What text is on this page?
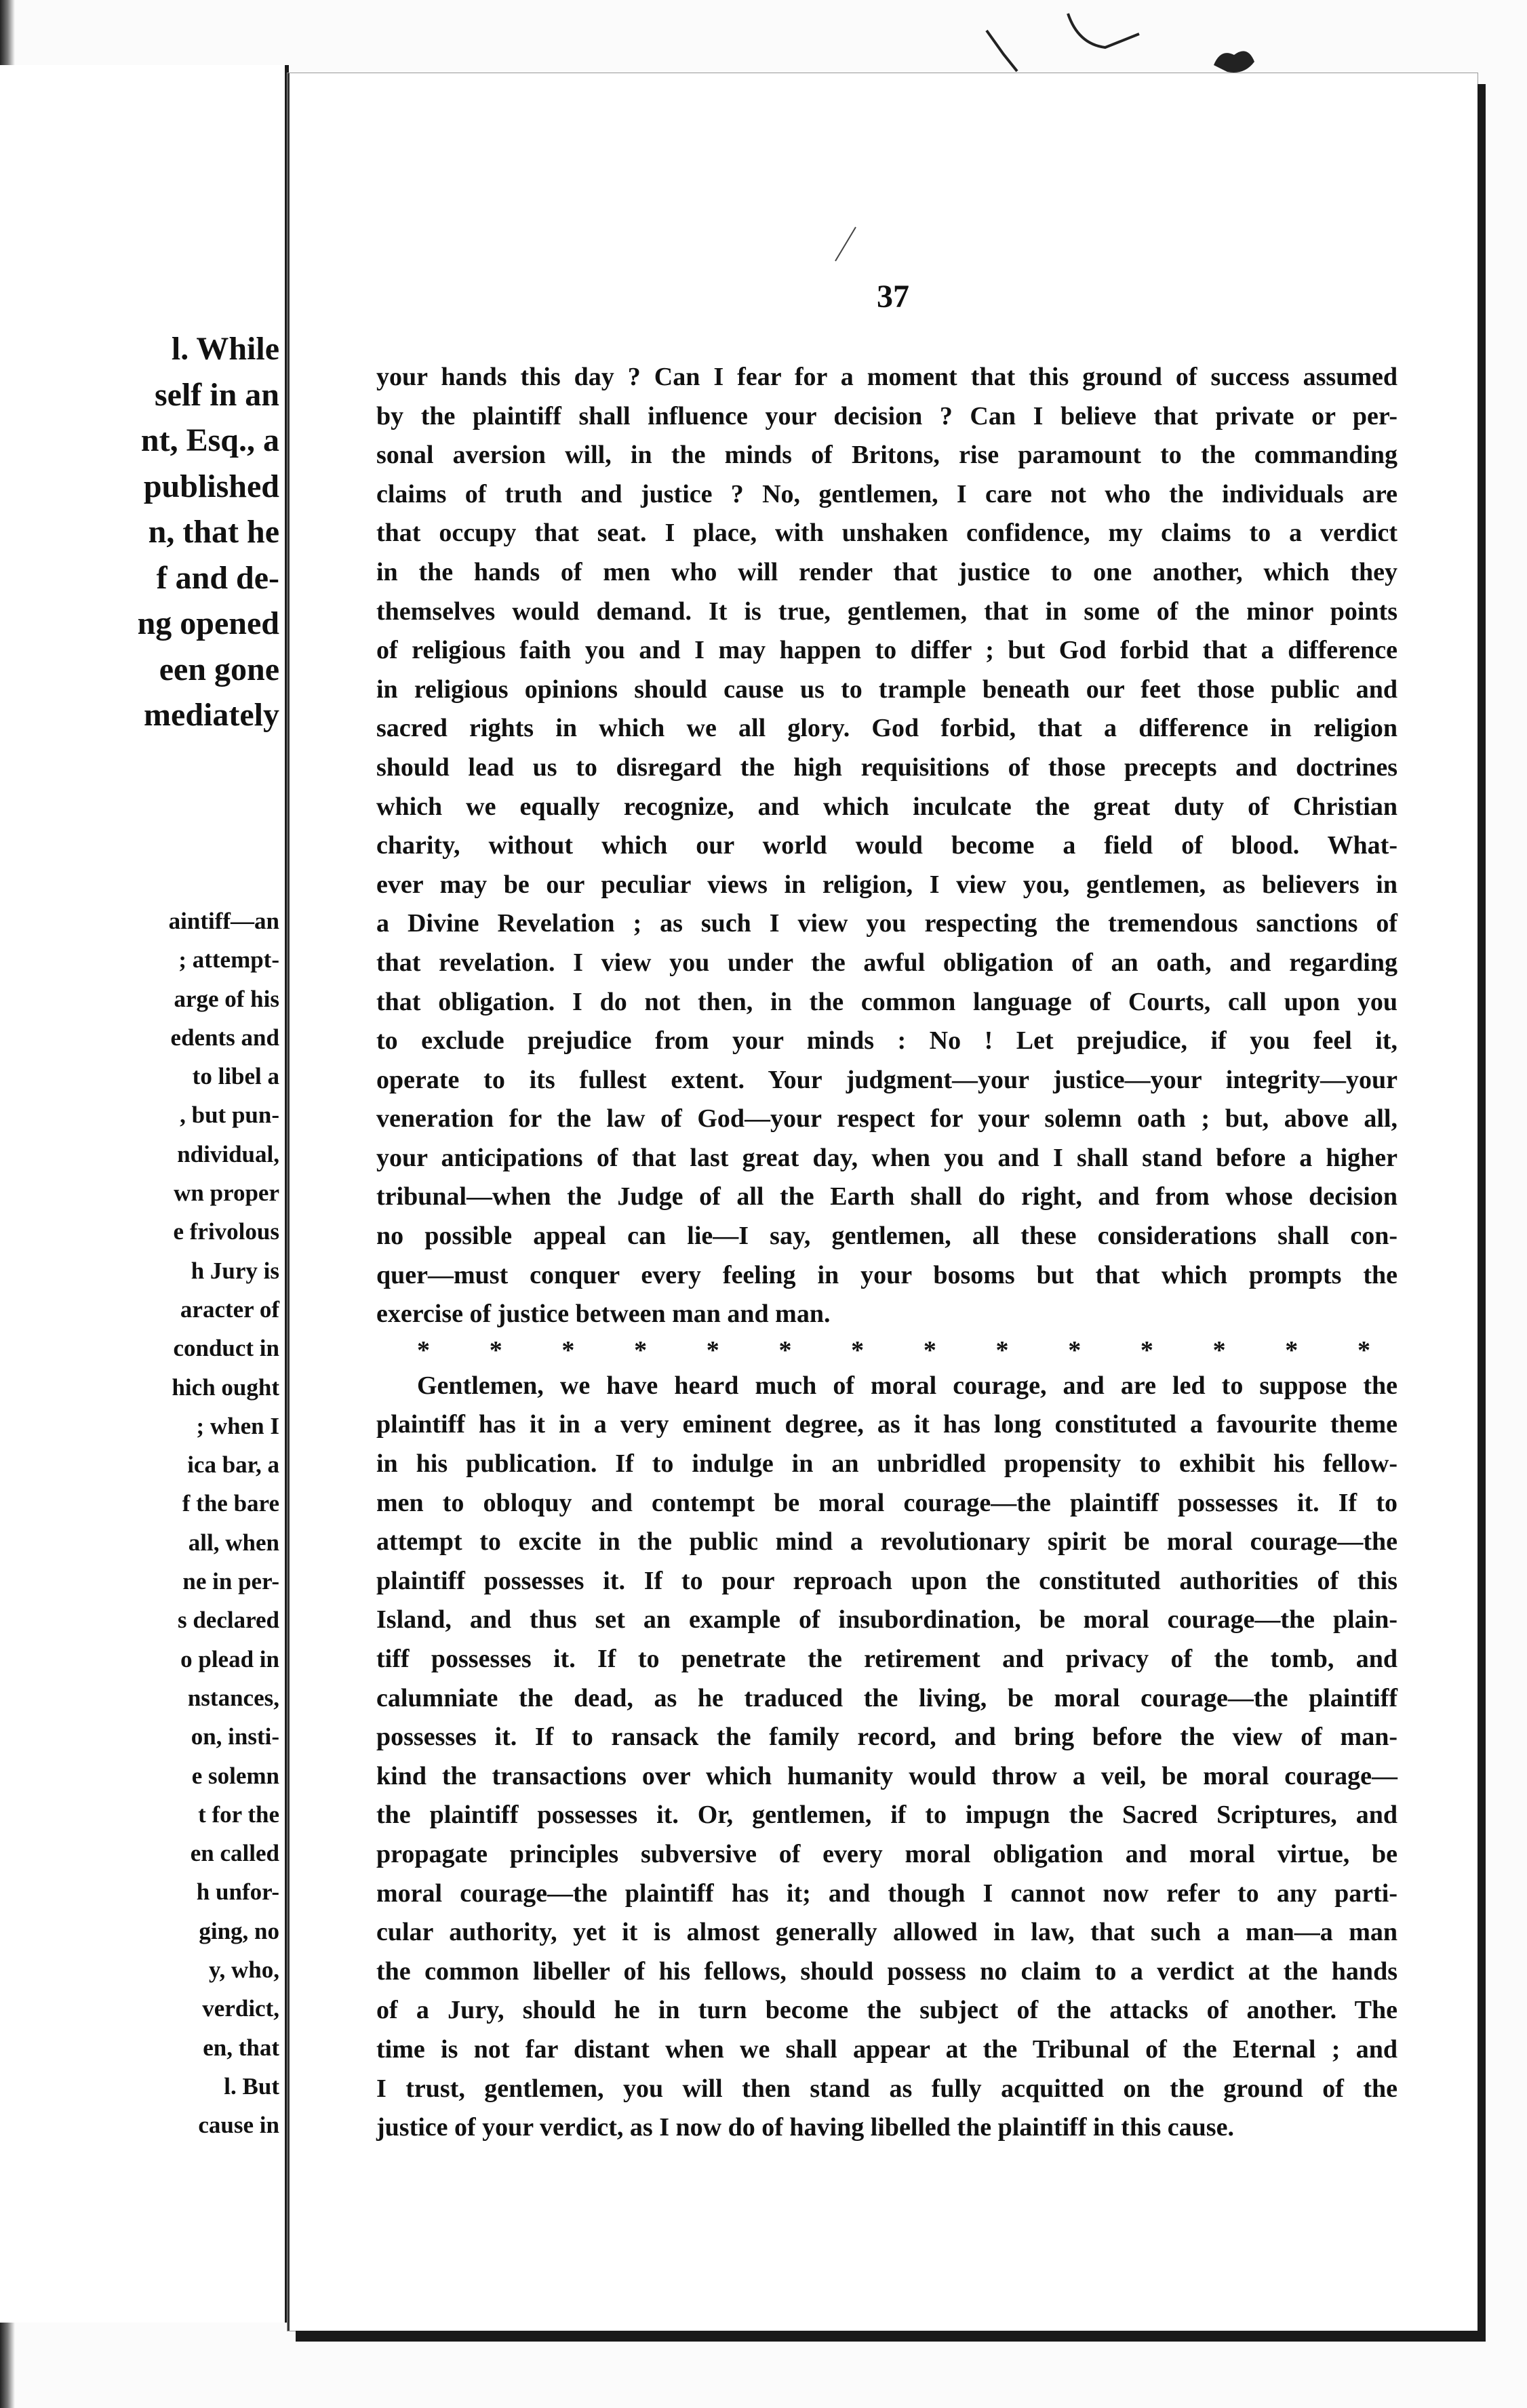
l. While
self in an
nt, Esq., a
published
n, that he
f and de-
ng opened
een gone
mediately
aintiff—an
; attempt-
arge of his
edents and
to libel a
, but pun-
ndividual,
wn proper
e frivolous
h Jury is
aracter of
conduct in
hich ought
; when I
ica bar, a
f the bare
all, when
ne in per-
s declared
o plead in
nstances,
on, insti-
e solemn
t for the
en called
h unfor-
ging, no
y, who,
verdict,
en, that
l. But
cause in
37
your hands this day ? Can I fear for a moment that this ground of success assumed
by the plaintiff shall influence your decision ? Can I believe that private or per-
sonal aversion will, in the minds of Britons, rise paramount to the commanding
claims of truth and justice ? No, gentlemen, I care not who the individuals are
that occupy that seat. I place, with unshaken confidence, my claims to a verdict
in the hands of men who will render that justice to one another, which they
themselves would demand. It is true, gentlemen, that in some of the minor points
of religious faith you and I may happen to differ ; but God forbid that a difference
in religious opinions should cause us to trample beneath our feet those public and
sacred rights in which we all glory. God forbid, that a difference in religion
should lead us to disregard the high requisitions of those precepts and doctrines
which we equally recognize, and which inculcate the great duty of Christian
charity, without which our world would become a field of blood. What-
ever may be our peculiar views in religion, I view you, gentlemen, as believers in
a Divine Revelation ; as such I view you respecting the tremendous sanctions of
that revelation. I view you under the awful obligation of an oath, and regarding
that obligation. I do not then, in the common language of Courts, call upon you
to exclude prejudice from your minds : No ! Let prejudice, if you feel it,
operate to its fullest extent. Your judgment—your justice—your integrity—your
veneration for the law of God—your respect for your solemn oath ; but, above all,
your anticipations of that last great day, when you and I shall stand before a higher
tribunal—when the Judge of all the Earth shall do right, and from whose decision
no possible appeal can lie—I say, gentlemen, all these considerations shall con-
quer—must conquer every feeling in your bosoms but that which prompts the
exercise of justice between man and man.
* * * * * * * * * * * * * *
Gentlemen, we have heard much of moral courage, and are led to suppose the
plaintiff has it in a very eminent degree, as it has long constituted a favourite theme
in his publication. If to indulge in an unbridled propensity to exhibit his fellow-
men to obloquy and contempt be moral courage—the plaintiff possesses it. If to
attempt to excite in the public mind a revolutionary spirit be moral courage—the
plaintiff possesses it. If to pour reproach upon the constituted authorities of this
Island, and thus set an example of insubordination, be moral courage—the plain-
tiff possesses it. If to penetrate the retirement and privacy of the tomb, and
calumniate the dead, as he traduced the living, be moral courage—the plaintiff
possesses it. If to ransack the family record, and bring before the view of man-
kind the transactions over which humanity would throw a veil, be moral courage—
the plaintiff possesses it. Or, gentlemen, if to impugn the Sacred Scriptures, and
propagate principles subversive of every moral obligation and moral virtue, be
moral courage—the plaintiff has it; and though I cannot now refer to any parti-
cular authority, yet it is almost generally allowed in law, that such a man—a man
the common libeller of his fellows, should possess no claim to a verdict at the hands
of a Jury, should he in turn become the subject of the attacks of another. The
time is not far distant when we shall appear at the Tribunal of the Eternal ; and
I trust, gentlemen, you will then stand as fully acquitted on the ground of the
justice of your verdict, as I now do of having libelled the plaintiff in this cause.
